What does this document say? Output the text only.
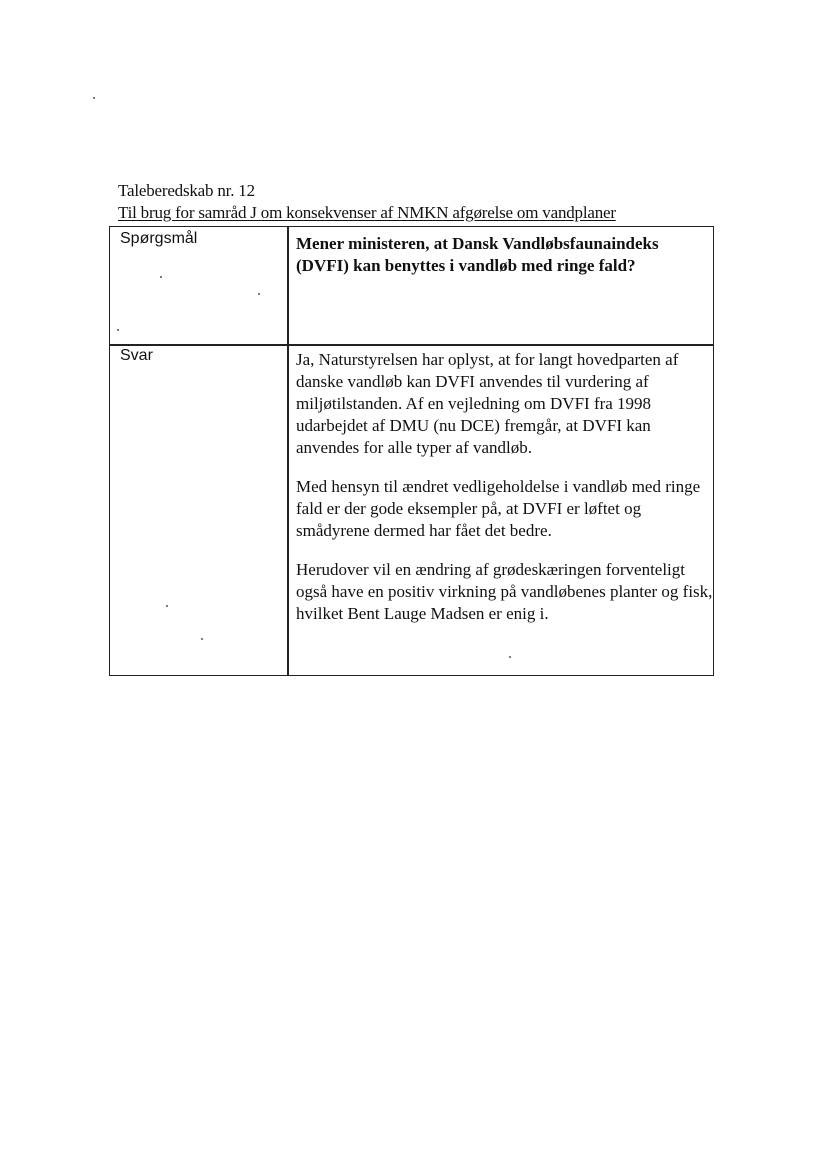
Taleberedskab nr. 12
Til brug for samråd J om konsekvenser af NMKN afgørelse om vandplaner
Spørgsmål	Mener ministeren, at Dansk Vandløbsfaunaindeks (DVFI) kan benyttes i vandløb med ringe fald?
Svar	Ja, Naturstyrelsen har oplyst, at for langt hovedparten af danske vandløb kan DVFI anvendes til vurdering af miljøtilstanden. Af en vejledning om DVFI fra 1998 udarbejdet af DMU (nu DCE) fremgår, at DVFI kan anvendes for alle typer af vandløb.

Med hensyn til ændret vedligeholdelse i vandløb med ringe fald er der gode eksempler på, at DVFI er løftet og smådyrene dermed har fået det bedre.

Herudover vil en ændring af grødeskæringen forventeligt også have en positiv virkning på vandløbenes planter og fisk, hvilket Bent Lauge Madsen er enig i.
